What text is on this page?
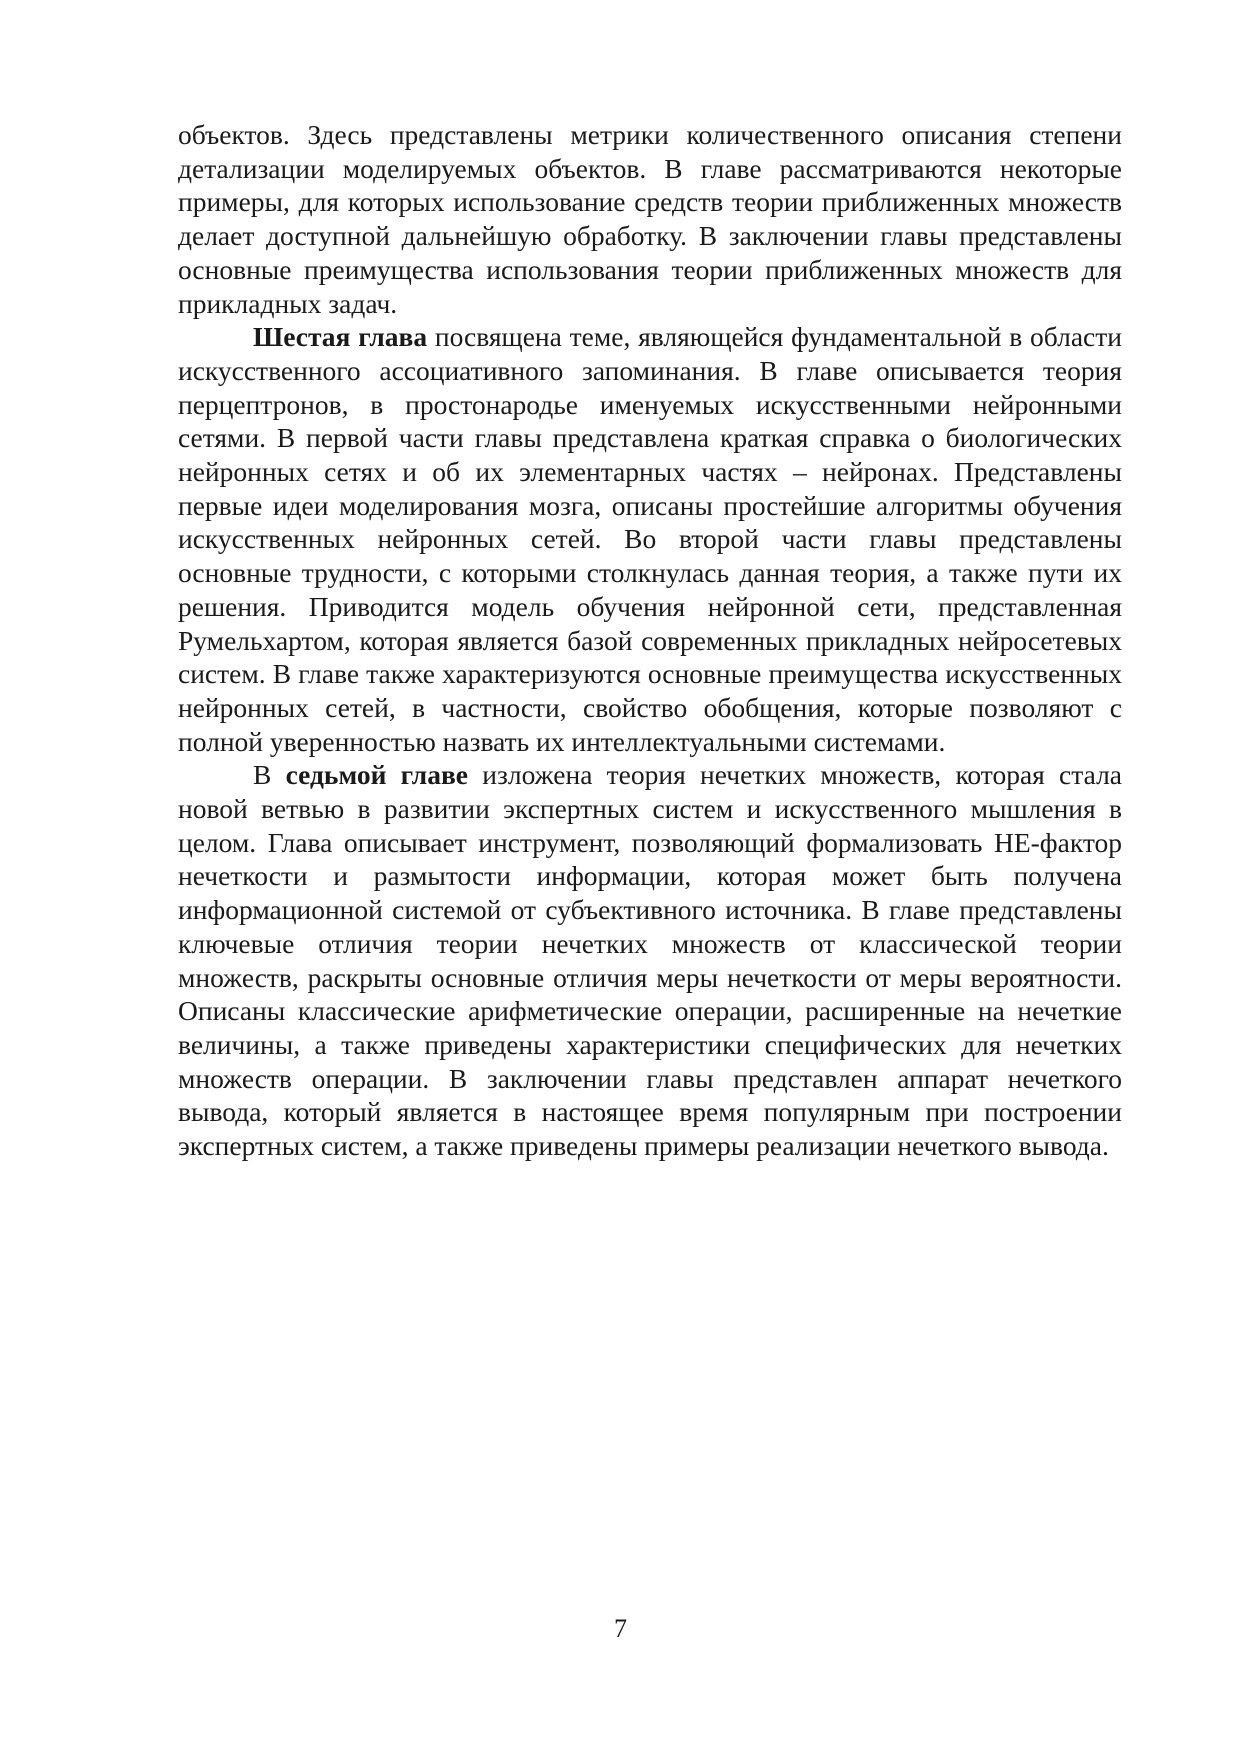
объектов. Здесь представлены метрики количественного описания степени детализации моделируемых объектов. В главе рассматриваются некоторые примеры, для которых использование средств теории приближенных множеств делает доступной дальнейшую обработку. В заключении главы представлены основные преимущества использования теории приближенных множеств для прикладных задач.

Шестая глава посвящена теме, являющейся фундаментальной в области искусственного ассоциативного запоминания. В главе описывается теория перцептронов, в простонародье именуемых искусственными нейронными сетями. В первой части главы представлена краткая справка о биологических нейронных сетях и об их элементарных частях – нейронах. Представлены первые идеи моделирования мозга, описаны простейшие алгоритмы обучения искусственных нейронных сетей. Во второй части главы представлены основные трудности, с которыми столкнулась данная теория, а также пути их решения. Приводится модель обучения нейронной сети, представленная Румельхартом, которая является базой современных прикладных нейросетевых систем. В главе также характеризуются основные преимущества искусственных нейронных сетей, в частности, свойство обобщения, которые позволяют с полной уверенностью назвать их интеллектуальными системами.

В седьмой главе изложена теория нечетких множеств, которая стала новой ветвью в развитии экспертных систем и искусственного мышления в целом. Глава описывает инструмент, позволяющий формализовать НЕ-фактор нечеткости и размытости информации, которая может быть получена информационной системой от субъективного источника. В главе представлены ключевые отличия теории нечетких множеств от классической теории множеств, раскрыты основные отличия меры нечеткости от меры вероятности. Описаны классические арифметические операции, расширенные на нечеткие величины, а также приведены характеристики специфических для нечетких множеств операции. В заключении главы представлен аппарат нечеткого вывода, который является в настоящее время популярным при построении экспертных систем, а также приведены примеры реализации нечеткого вывода.

7
